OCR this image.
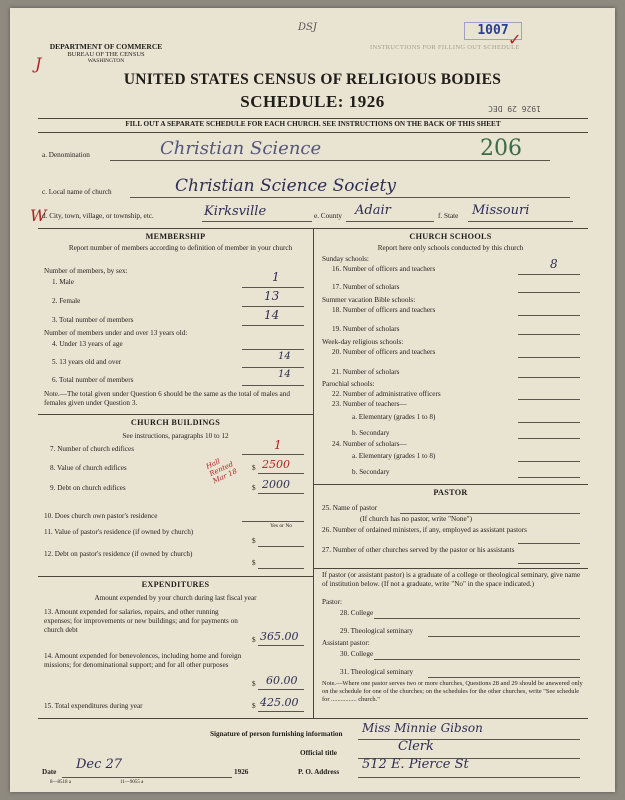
DSJ	1007
✓
J
INSTRUCTIONS FOR FILLING OUT SCHEDULE
1926 29 DEC
DEPARTMENT OF COMMERCE
BUREAU OF THE CENSUS
WASHINGTON
UNITED STATES CENSUS OF RELIGIOUS BODIES
SCHEDULE: 1926
FILL OUT A SEPARATE SCHEDULE FOR EACH CHURCH. SEE INSTRUCTIONS ON THE BACK OF THIS SHEET
a. Denomination	Christian Science	206
c. Local name of church	Christian Science Society
W
d. City, town, village, or township, etc.	Kirksville	e. County Adair	f. State Missouri
MEMBERSHIP
Report number of members according to definition of member in your church
Number of members, by sex:
1. Male	1
2. Female	13
3. Total number of members	14
Number of members under and over 13 years old:
4. Under 13 years of age
5. 13 years old and over	14
6. Total number of members	14
Note.—The total given under Question 6 should be the same as the total of males and females given under Question 3.
CHURCH BUILDINGS
See instructions, paragraphs 10 to 12
7. Number of church edifices	1
8. Value of church edifices	Hall Rented Mar 18	$ 2500
9. Debt on church edifices	$ 2000
10. Does church own pastor's residence
Yes or No
11. Value of pastor's residence (if owned by church)
$
12. Debt on pastor's residence (if owned by church)
$
EXPENDITURES
Amount expended by your church during last fiscal year
13. Amount expended for salaries, repairs, and other running expenses; for improvements or new buildings; and for payments on church debt
$ 365.00
14. Amount expended for benevolences, including home and foreign missions; for denominational support; and for all other purposes
$ 60.00
15. Total expenditures during year	$ 425.00
CHURCH SCHOOLS
Report here only schools conducted by this church
Sunday schools:
16. Number of officers and teachers	8
17. Number of scholars
Summer vacation Bible schools:
18. Number of officers and teachers
19. Number of scholars
Week-day religious schools:
20. Number of officers and teachers
21. Number of scholars
Parochial schools:
22. Number of administrative officers
23. Number of teachers—
a. Elementary (grades 1 to 8)
b. Secondary
24. Number of scholars—
a. Elementary (grades 1 to 8)
b. Secondary
PASTOR
25. Name of pastor
(If church has no pastor, write "None")
26. Number of ordained ministers, if any, employed as assistant pastors
27. Number of other churches served by the pastor or his assistants
If pastor (or assistant pastor) is a graduate of a college or theological seminary, give name of institution below. (If not a graduate, write "No" in the space indicated.)
Pastor:
28. College
29. Theological seminary
Assistant pastor:
30. College
31. Theological seminary
Note.—Where one pastor serves two or more churches, Questions 28 and 29 should be answered only on the schedule for one of the churches; on the schedules for the other churches, write "See schedule for ................ church."
Signature of person furnishing information Miss Minnie Gibson
Official title	Clerk
Date Dec 27	1926	P. O. Address 512 E. Pierce St
8—8518 a	11—9055 a
